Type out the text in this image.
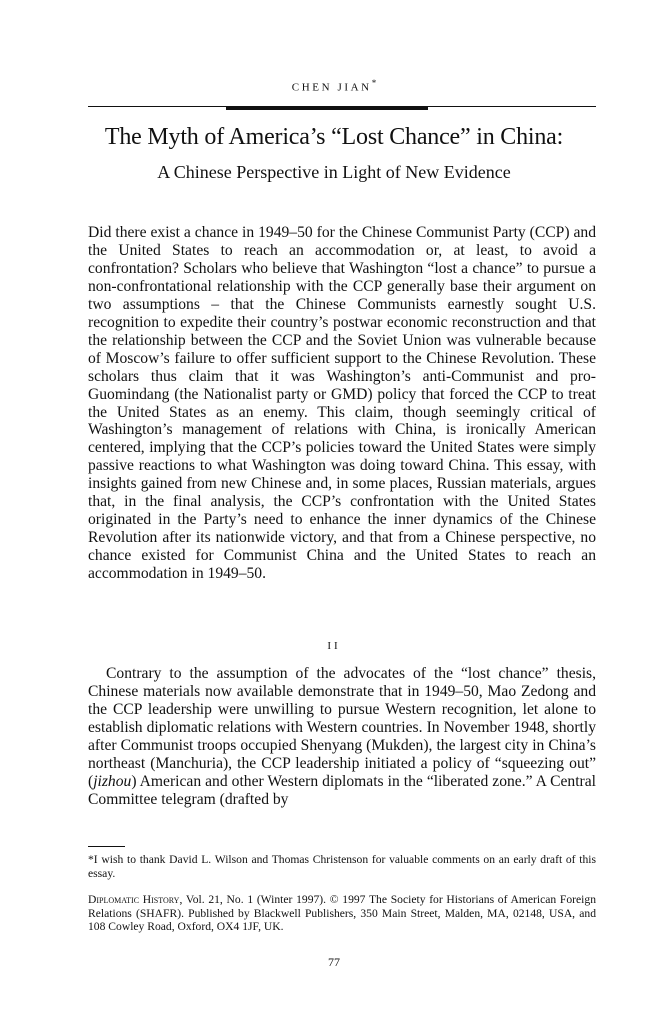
CHEN JIAN*
The Myth of America’s “Lost Chance” in China:
A Chinese Perspective in Light of New Evidence

Did there exist a chance in 1949–50 for the Chinese Communist Party (CCP) and the United States to reach an accommodation or, at least, to avoid a confrontation? Scholars who believe that Washington “lost a chance” to pursue a non-confrontational relationship with the CCP generally base their argument on two assumptions – that the Chinese Communists earnestly sought U.S. recognition to expedite their country’s postwar economic reconstruction and that the relationship between the CCP and the Soviet Union was vulnerable because of Moscow’s failure to offer sufficient support to the Chinese Revolution. These scholars thus claim that it was Washington’s anti-Communist and pro-Guomindang (the Nationalist party or GMD) policy that forced the CCP to treat the United States as an enemy. This claim, though seemingly critical of Washington’s management of relations with China, is ironically American centered, implying that the CCP’s policies toward the United States were simply passive reactions to what Washington was doing toward China. This essay, with insights gained from new Chinese and, in some places, Russian materials, argues that, in the final analysis, the CCP’s confrontation with the United States originated in the Party’s need to enhance the inner dynamics of the Chinese Revolution after its nationwide victory, and that from a Chinese perspective, no chance existed for Communist China and the United States to reach an accommodation in 1949–50.

II

Contrary to the assumption of the advocates of the “lost chance” thesis, Chinese materials now available demonstrate that in 1949–50, Mao Zedong and the CCP leadership were unwilling to pursue Western recognition, let alone to establish diplomatic relations with Western countries. In November 1948, shortly after Communist troops occupied Shenyang (Mukden), the largest city in China’s northeast (Manchuria), the CCP leadership initiated a policy of “squeezing out” (jizhou) American and other Western diplomats in the “liberated zone.” A Central Committee telegram (drafted by

*I wish to thank David L. Wilson and Thomas Christenson for valuable comments on an early draft of this essay.

Diplomatic History, Vol. 21, No. 1 (Winter 1997). © 1997 The Society for Historians of American Foreign Relations (SHAFR). Published by Blackwell Publishers, 350 Main Street, Malden, MA, 02148, USA, and 108 Cowley Road, Oxford, OX4 1JF, UK.

77
